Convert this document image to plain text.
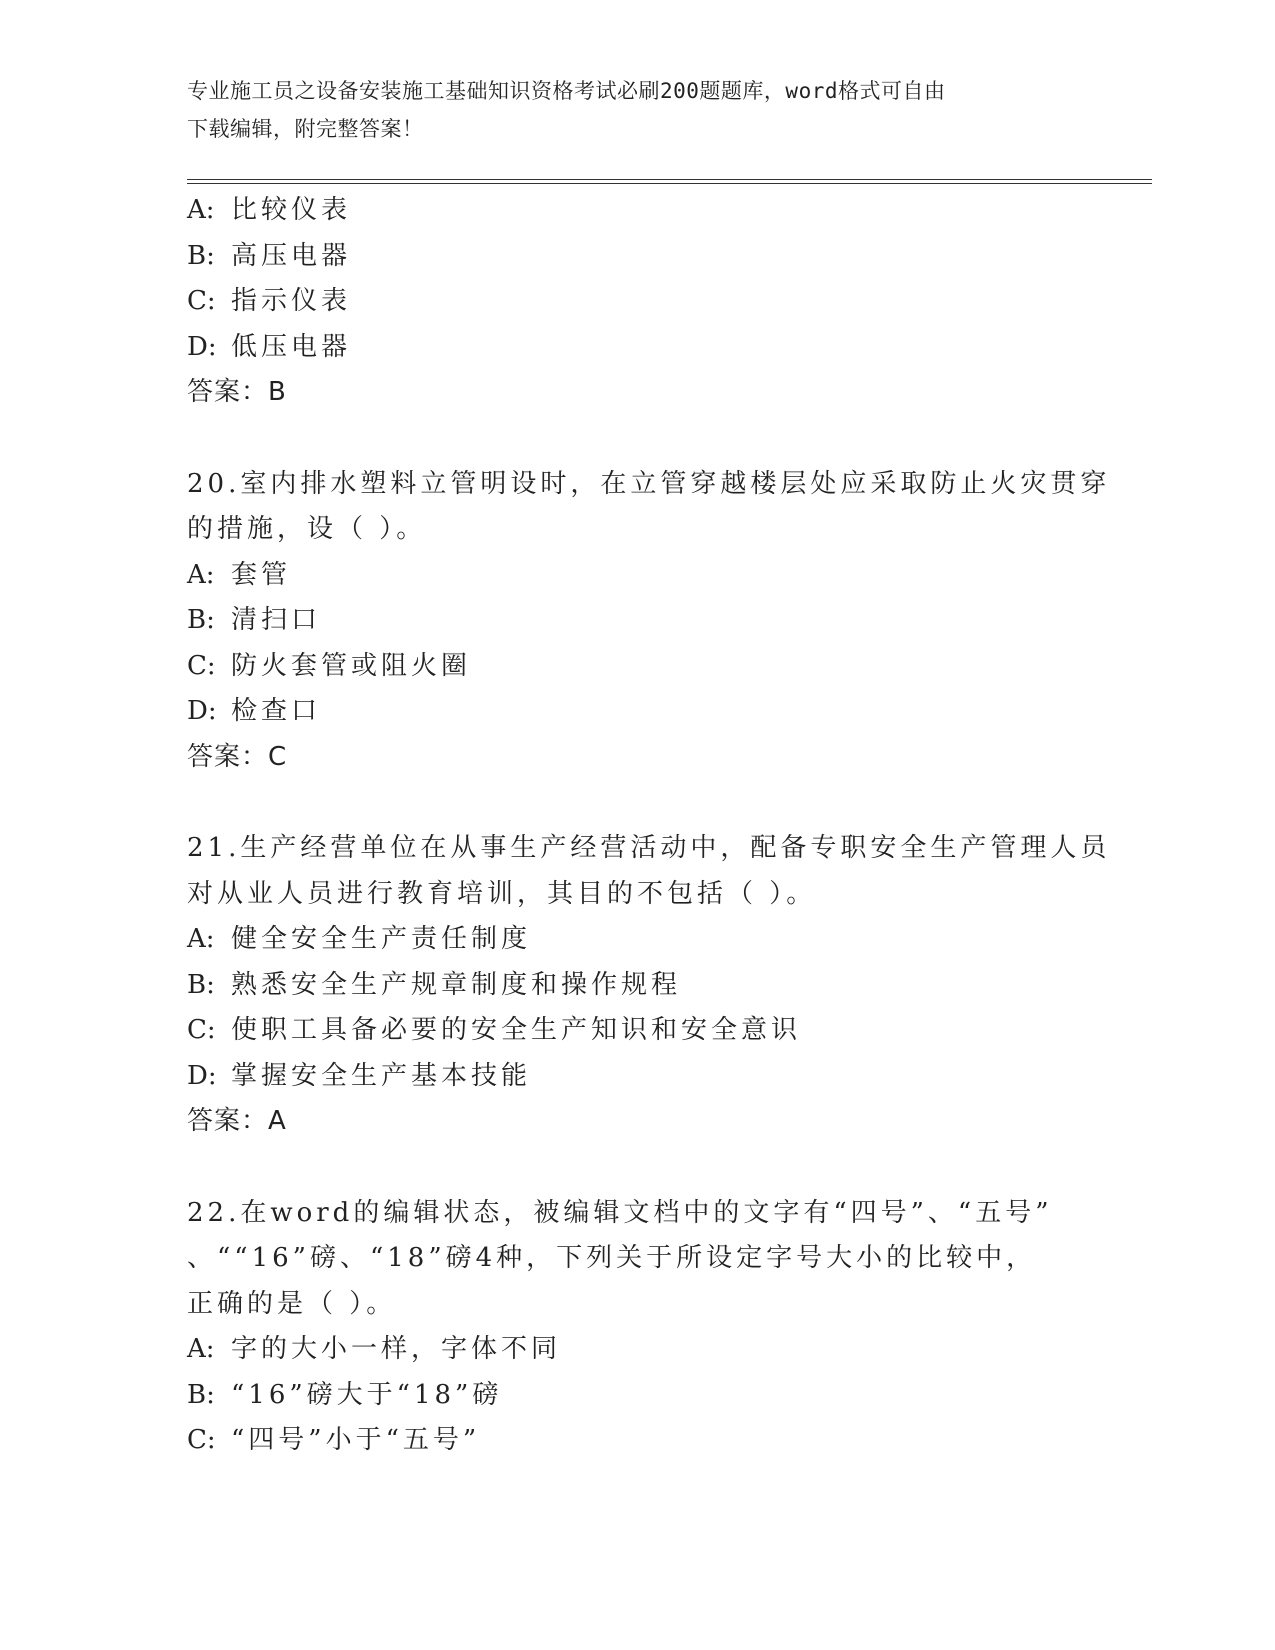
专业施工员之设备安装施工基础知识资格考试必刷200题题库，word格式可自由
下载编辑，附完整答案！
A: 比较仪表
B: 高压电器
C: 指示仪表
D: 低压电器
答案：B
20.室内排水塑料立管明设时，在立管穿越楼层处应采取防止火灾贯穿
的措施，设（ ）。
A: 套管
B: 清扫口
C: 防火套管或阻火圈
D: 检查口
答案：C
21.生产经营单位在从事生产经营活动中，配备专职安全生产管理人员
对从业人员进行教育培训，其目的不包括（ ）。
A: 健全安全生产责任制度
B: 熟悉安全生产规章制度和操作规程
C: 使职工具备必要的安全生产知识和安全意识
D: 掌握安全生产基本技能
答案：A
22.在word的编辑状态，被编辑文档中的文字有“四号”、“五号”
、““16”磅、“18”磅4种，下列关于所设定字号大小的比较中，
正确的是（ ）。
A: 字的大小一样，字体不同
B: “16”磅大于“18”磅
C: “四号”小于“五号”
